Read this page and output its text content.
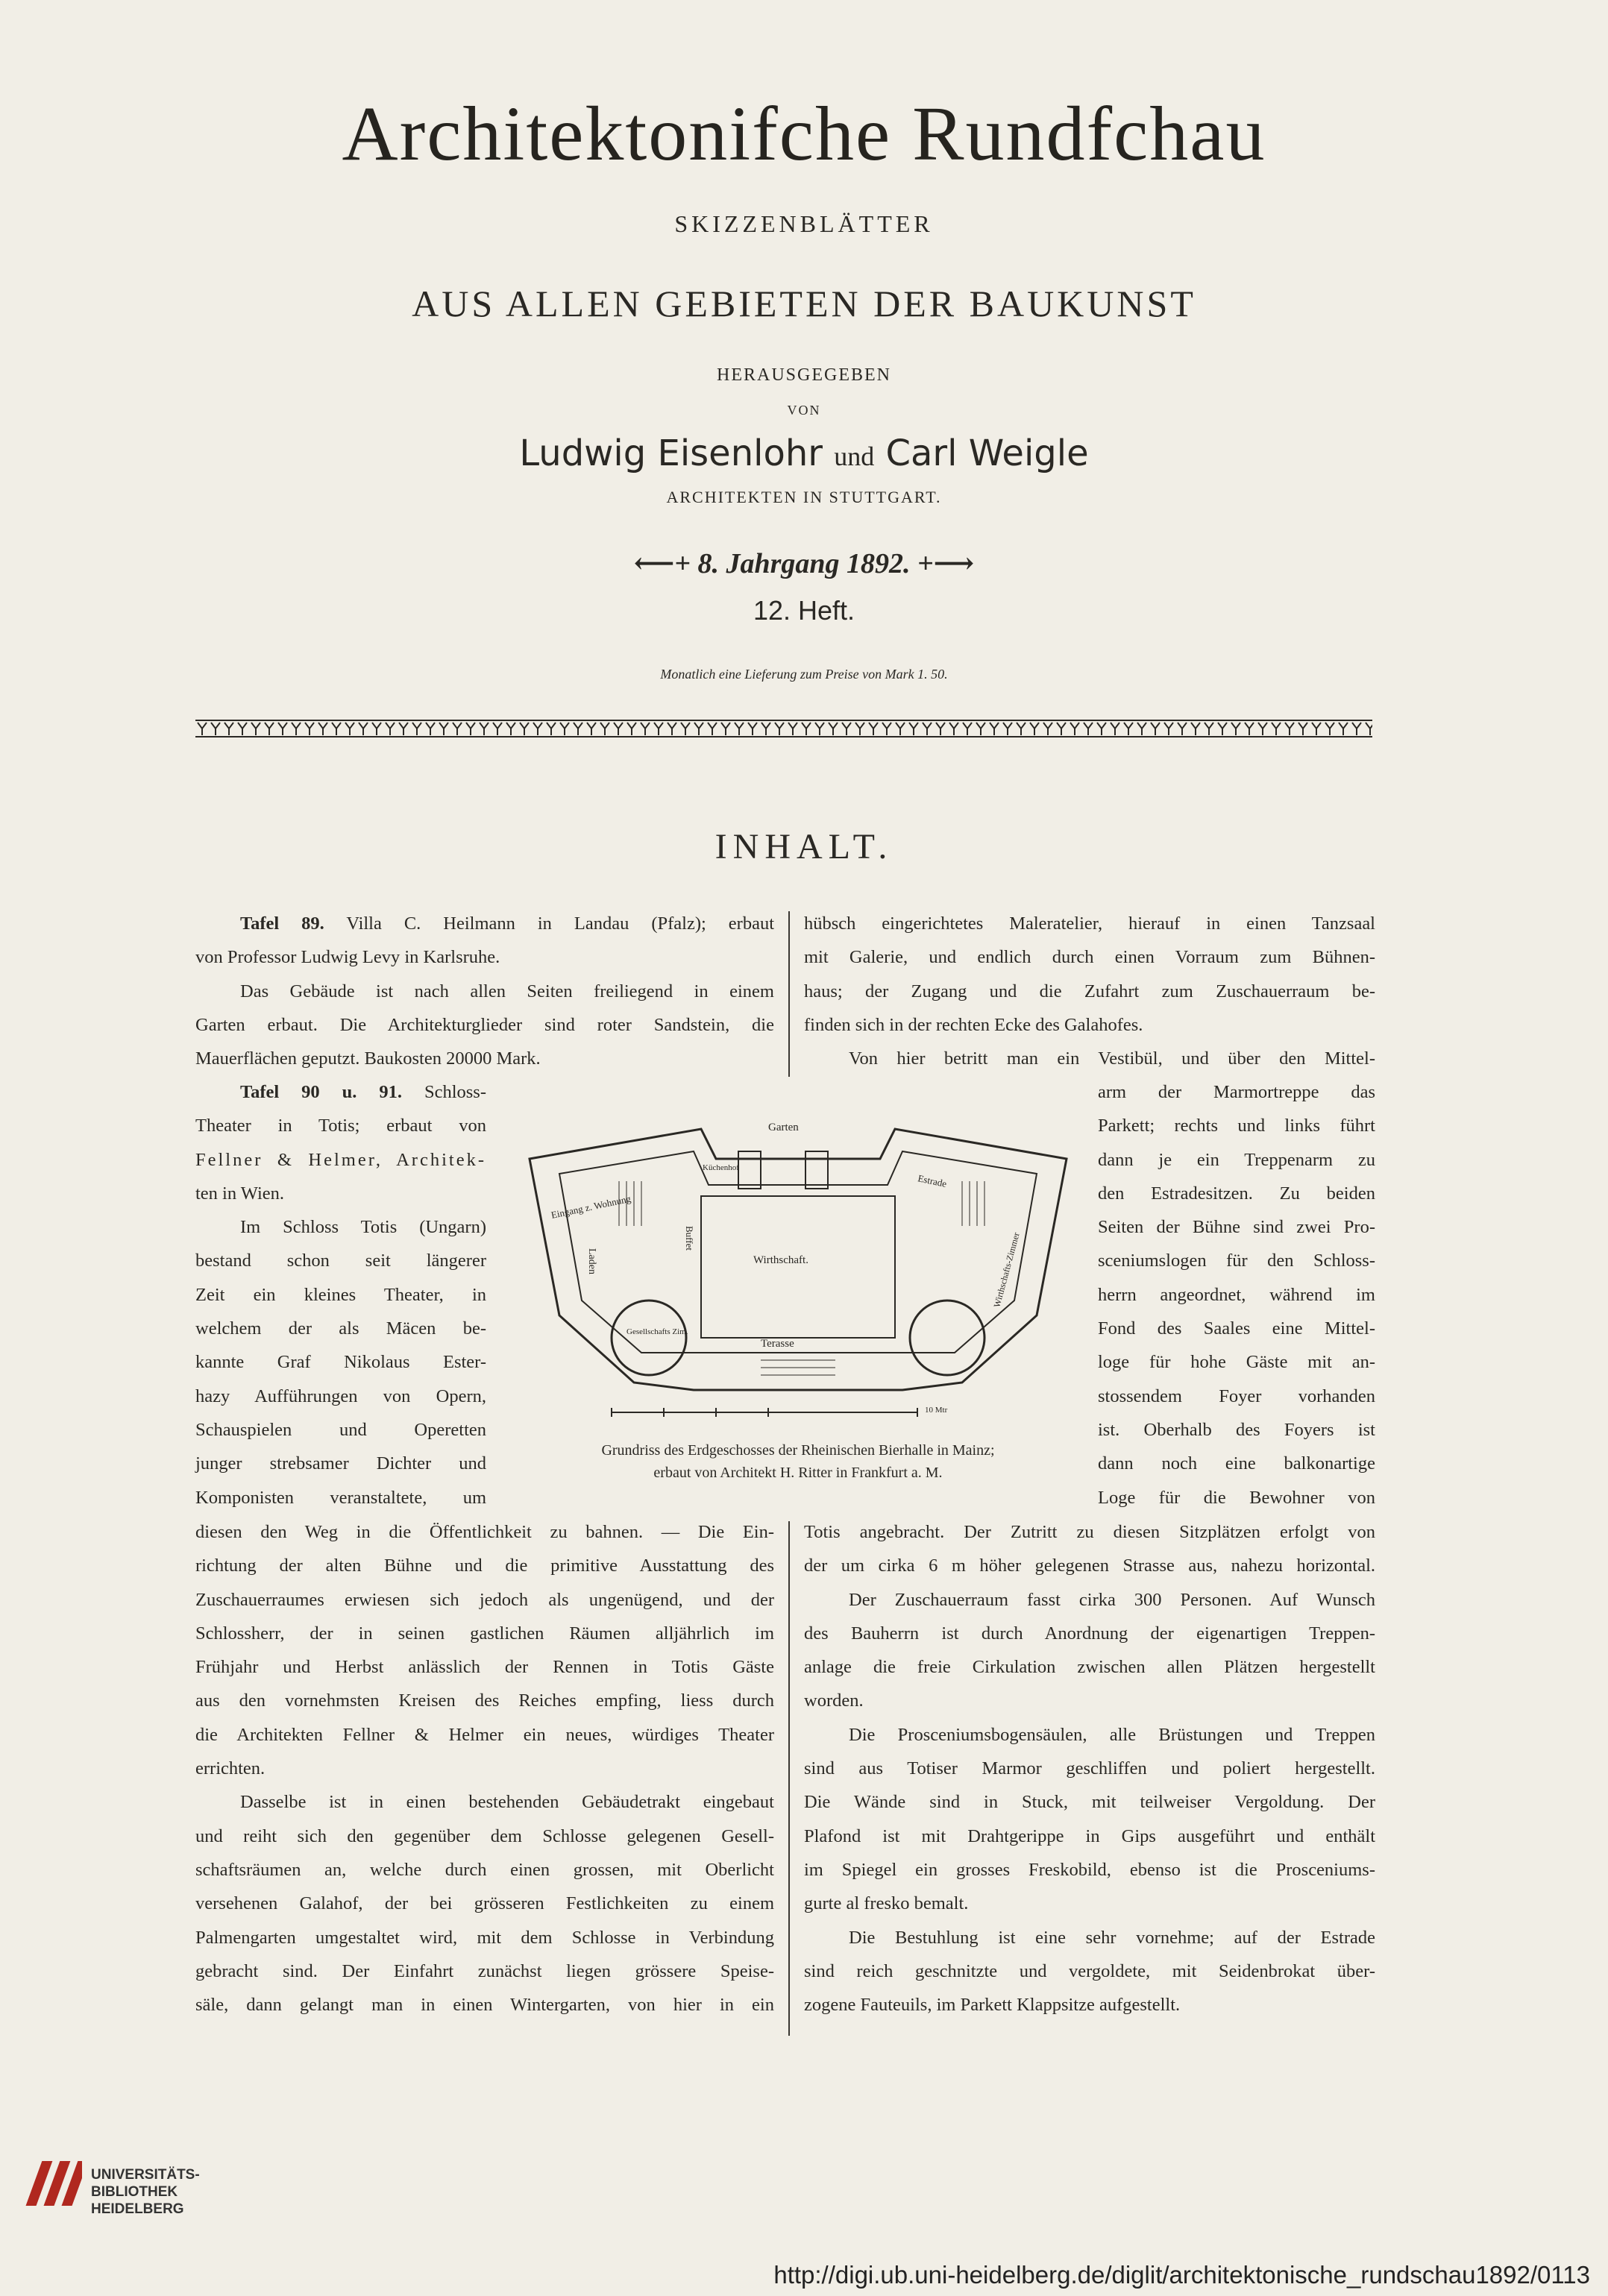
Architektonifche Rundfchau
SKIZZENBLÄTTER
AUS ALLEN GEBIETEN DER BAUKUNST
HERAUSGEGEBEN
VON
Ludwig Eisenlohr und Carl Weigle
ARCHITEKTEN IN STUTTGART.
⟵+ 8. Jahrgang 1892. +⟶
12. Heft.
Monatlich eine Lieferung zum Preise von Mark 1. 50.
INHALT.
Tafel 89. Villa C. Heilmann in Landau (Pfalz); erbaut
von Professor Ludwig Levy in Karlsruhe.
Das Gebäude ist nach allen Seiten freiliegend in einem
Garten erbaut. Die Architekturglieder sind roter Sandstein, die
Mauerflächen geputzt. Baukosten 20000 Mark.
hübsch eingerichtetes Maleratelier, hierauf in einen Tanzsaal
mit Galerie, und endlich durch einen Vorraum zum Bühnen-
haus; der Zugang und die Zufahrt zum Zuschauerraum be-
finden sich in der rechten Ecke des Galahofes.
Von hier betritt man ein Vestibül, und über den Mittel-
Tafel 90 u. 91. Schloss-
Theater in Totis; erbaut von
Fellner & Helmer, Architek-
ten in Wien.
Im Schloss Totis (Ungarn)
bestand schon seit längerer
Zeit ein kleines Theater, in
welchem der als Mäcen be-
kannte Graf Nikolaus Ester-
hazy Aufführungen von Opern,
Schauspielen und Operetten
junger strebsamer Dichter und
Komponisten veranstaltete, um
arm der Marmortreppe das
Parkett; rechts und links führt
dann je ein Treppenarm zu
den Estradesitzen. Zu beiden
Seiten der Bühne sind zwei Pro-
sceniumslogen für den Schloss-
herrn angeordnet, während im
Fond des Saales eine Mittel-
loge für hohe Gäste mit an-
stossendem Foyer vorhanden
ist. Oberhalb des Foyers ist
dann noch eine balkonartige
Loge für die Bewohner von
Garten
Wirthschaft.
Terasse
Küchenhof
10 Mtr
Eingang z. Wohnung
Laden
Buffet
Gesellschafts Zim.
Estrade
Wirthschafts-Zimmer
Grundriss des Erdgeschosses der Rheinischen Bierhalle in Mainz;
erbaut von Architekt H. Ritter in Frankfurt a. M.
diesen den Weg in die Öffentlichkeit zu bahnen. — Die Ein-
richtung der alten Bühne und die primitive Ausstattung des
Zuschauerraumes erwiesen sich jedoch als ungenügend, und der
Schlossherr, der in seinen gastlichen Räumen alljährlich im
Frühjahr und Herbst anlässlich der Rennen in Totis Gäste
aus den vornehmsten Kreisen des Reiches empfing, liess durch
die Architekten Fellner & Helmer ein neues, würdiges Theater
errichten.
Dasselbe ist in einen bestehenden Gebäudetrakt eingebaut
und reiht sich den gegenüber dem Schlosse gelegenen Gesell-
schaftsräumen an, welche durch einen grossen, mit Oberlicht
versehenen Galahof, der bei grösseren Festlichkeiten zu einem
Palmengarten umgestaltet wird, mit dem Schlosse in Verbindung
gebracht sind. Der Einfahrt zunächst liegen grössere Speise-
säle, dann gelangt man in einen Wintergarten, von hier in ein
Totis angebracht. Der Zutritt zu diesen Sitzplätzen erfolgt von
der um cirka 6 m höher gelegenen Strasse aus, nahezu horizontal.
Der Zuschauerraum fasst cirka 300 Personen. Auf Wunsch
des Bauherrn ist durch Anordnung der eigenartigen Treppen-
anlage die freie Cirkulation zwischen allen Plätzen hergestellt
worden.
Die Prosceniumsbogensäulen, alle Brüstungen und Treppen
sind aus Totiser Marmor geschliffen und poliert hergestellt.
Die Wände sind in Stuck, mit teilweiser Vergoldung. Der
Plafond ist mit Drahtgerippe in Gips ausgeführt und enthält
im Spiegel ein grosses Freskobild, ebenso ist die Prosceniums-
gurte al fresko bemalt.
Die Bestuhlung ist eine sehr vornehme; auf der Estrade
sind reich geschnitzte und vergoldete, mit Seidenbrokat über-
zogene Fauteuils, im Parkett Klappsitze aufgestellt.
UNIVERSITÄTS-
BIBLIOTHEK
HEIDELBERG
http://digi.ub.uni-heidelberg.de/diglit/architektonische_rundschau1892/0113
